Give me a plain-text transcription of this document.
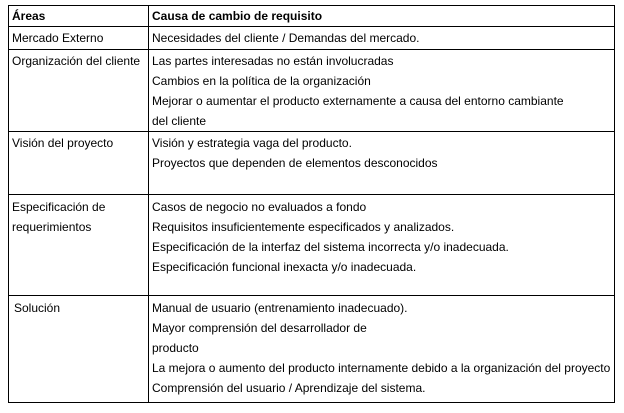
Áreas	Causa de cambio de requisito

Mercado Externo	Necesidades del cliente / Demandas del mercado.

Organización del cliente	Las partes interesadas no están involucradas
Cambios en la política de la organización
Mejorar o aumentar el producto externamente a causa del entorno cambiante
del cliente

Visión del proyecto	Visión y estrategia vaga del producto.
Proyectos que dependen de elementos desconocidos

Especificación de
requerimientos	Casos de negocio no evaluados a fondo
Requisitos insuficientemente especificados y analizados.
Especificación de la interfaz del sistema incorrecta y/o inadecuada.
Especificación funcional inexacta y/o inadecuada.

Solución	Manual de usuario (entrenamiento inadecuado).
Mayor comprensión del desarrollador de
producto
La mejora o aumento del producto internamente debido a la organización del proyecto
Comprensión del usuario / Aprendizaje del sistema.
